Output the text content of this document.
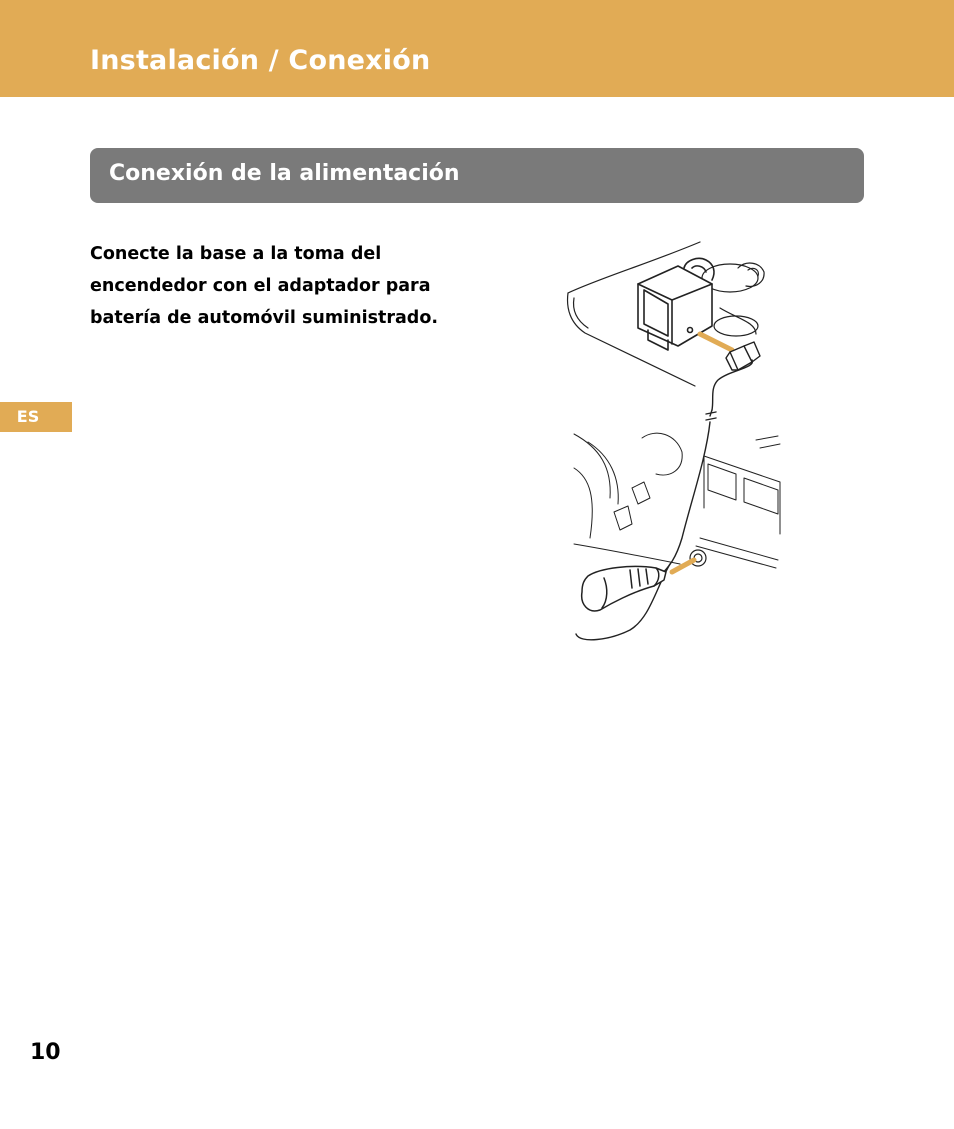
Instalación / Conexión
Conexión de la alimentación

Conecte la base a la toma del
encendedor con el adaptador para
batería de automóvil suministrado.

ES

10
